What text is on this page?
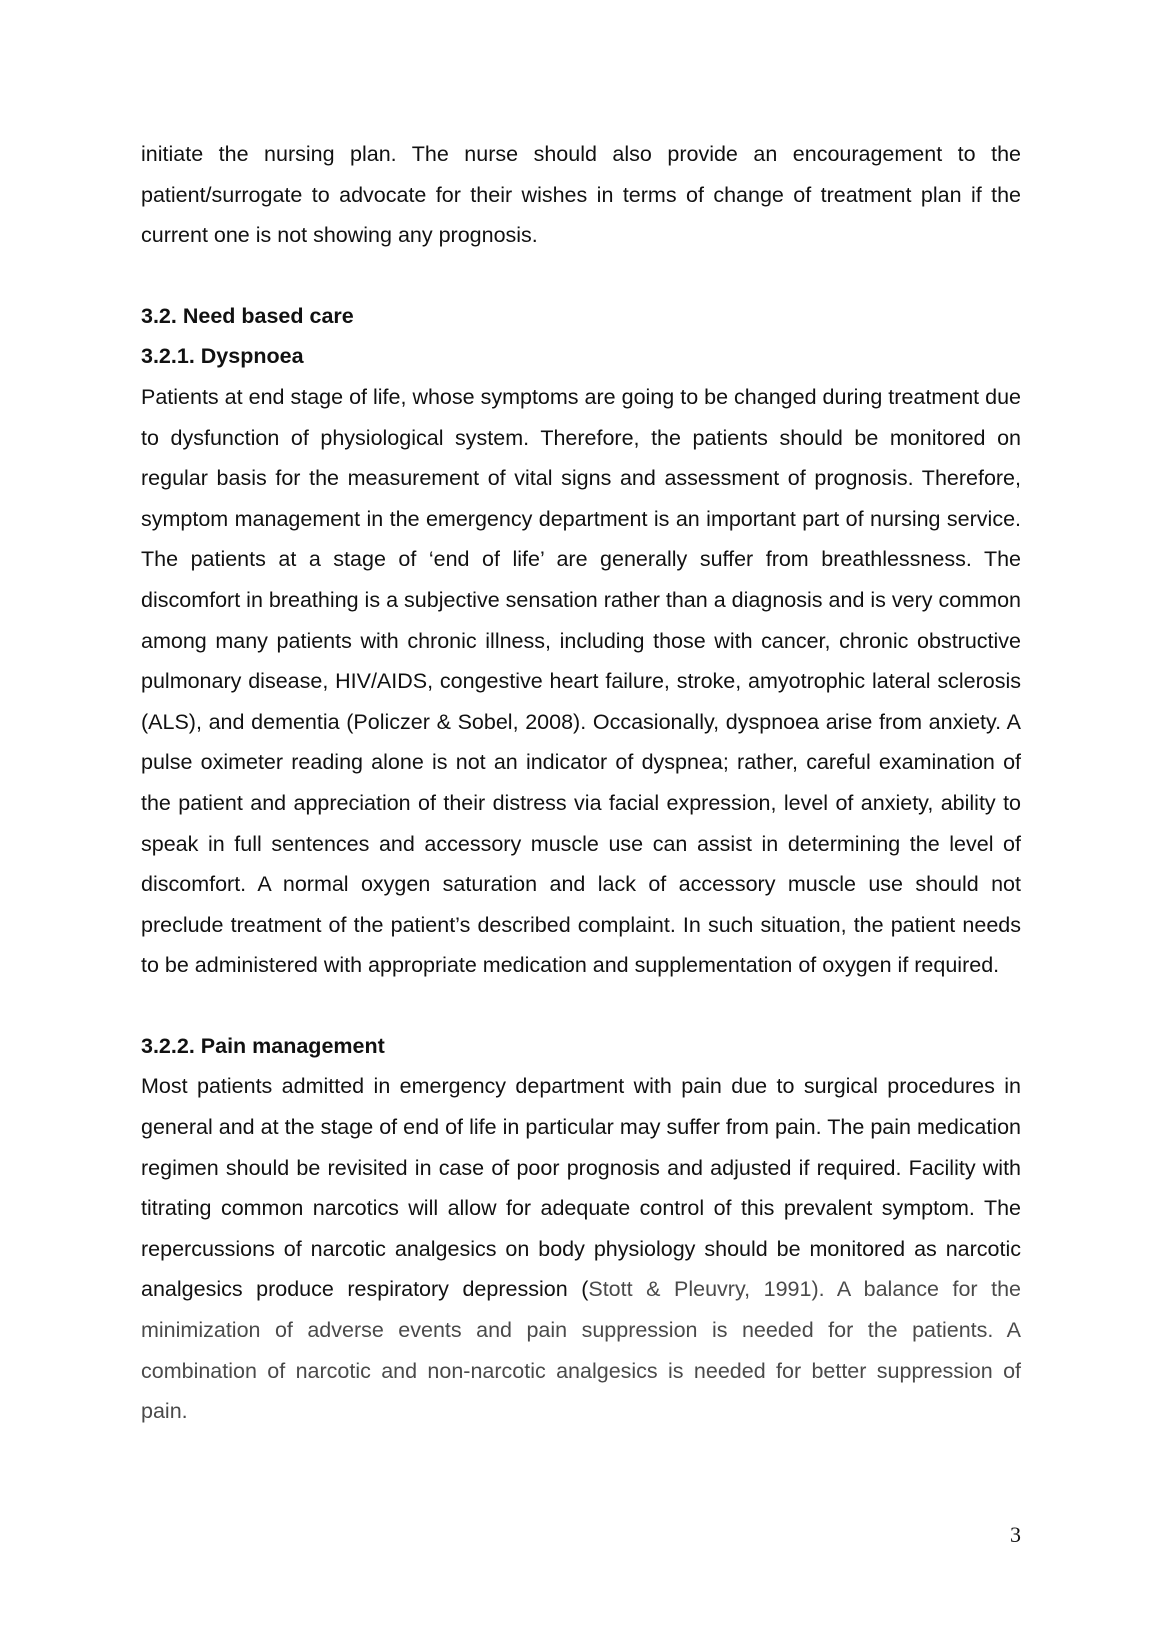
initiate the nursing plan. The nurse should also provide an encouragement to the patient/surrogate to advocate for their wishes in terms of change of treatment plan if the current one is not showing any prognosis.

3.2. Need based care
3.2.1. Dyspnoea

Patients at end stage of life, whose symptoms are going to be changed during treatment due to dysfunction of physiological system. Therefore, the patients should be monitored on regular basis for the measurement of vital signs and assessment of prognosis. Therefore, symptom management in the emergency department is an important part of nursing service. The patients at a stage of ‘end of life’ are generally suffer from breathlessness. The discomfort in breathing is a subjective sensation rather than a diagnosis and is very common among many patients with chronic illness, including those with cancer, chronic obstructive pulmonary disease, HIV/AIDS, congestive heart failure, stroke, amyotrophic lateral sclerosis (ALS), and dementia (Policzer & Sobel, 2008). Occasionally, dyspnoea arise from anxiety. A pulse oximeter reading alone is not an indicator of dyspnea; rather, careful examination of the patient and appreciation of their distress via facial expression, level of anxiety, ability to speak in full sentences and accessory muscle use can assist in determining the level of discomfort. A normal oxygen saturation and lack of accessory muscle use should not preclude treatment of the patient’s described complaint. In such situation, the patient needs to be administered with appropriate medication and supplementation of oxygen if required.

3.2.2. Pain management

Most patients admitted in emergency department with pain due to surgical procedures in general and at the stage of end of life in particular may suffer from pain. The pain medication regimen should be revisited in case of poor prognosis and adjusted if required. Facility with titrating common narcotics will allow for adequate control of this prevalent symptom. The repercussions of narcotic analgesics on body physiology should be monitored as narcotic analgesics produce respiratory depression (Stott & Pleuvry, 1991). A balance for the minimization of adverse events and pain suppression is needed for the patients. A combination of narcotic and non-narcotic analgesics is needed for better suppression of pain.

3
